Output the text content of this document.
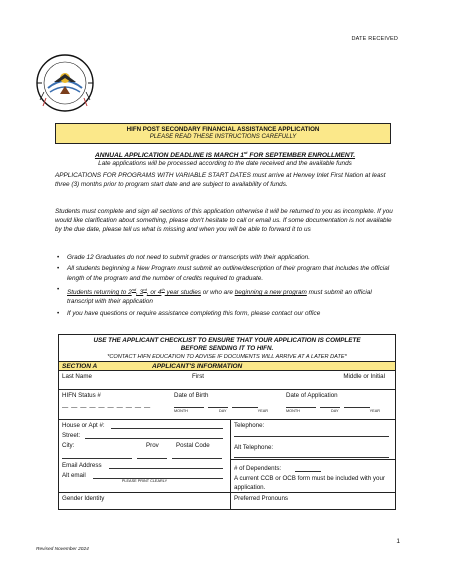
DATE RECEIVED
HIFN POST SECONDARY FINANCIAL ASSISTANCE APPLICATION
PLEASE READ THESE INSTRUCTIONS CAREFULLY
ANNUAL APPLICATION DEADLINE IS MARCH 1st FOR SEPTEMBER ENROLLMENT.
Late applications will be processed according to the date received and the available funds
APPLICATIONS FOR PROGRAMS WITH VARIABLE START DATES must arrive at Henvey Inlet First Nation at least three (3) months prior to program start date and are subject to availability of funds.
Students must complete and sign all sections of this application otherwise it will be returned to you as incomplete. If you would like clarification about something, please don't hesitate to call or email us. If some documentation is not available by the due date, please tell us what is missing and when you will be able to forward it to us
• Grade 12 Graduates do not need to submit grades or transcripts with their application.
• All students beginning a New Program must submit an outline/description of their program that includes the official length of the program and the number of credits required to graduate.
• Students returning to 2nd, 3rd, or 4th year studies or who are beginning a new program must submit an official transcript with their application
• If you have questions or require assistance completing this form, please contact our office
USE THE APPLICANT CHECKLIST TO ENSURE THAT YOUR APPLICATION IS COMPLETE
BEFORE SENDING IT TO HIFN.
*CONTACT HIFN EDUCATION TO ADVISE IF DOCUMENTS WILL ARRIVE AT A LATER DATE*
SECTION A	APPLICANT'S INFORMATION
Last Name	First	Middle or Initial
HIFN Status #
— — — — — — — — — —
Date of Birth
MONTH	DAY	YEAR
Date of Application
MONTH	DAY	YEAR
House or Apt #:
Street:
City:	Prov	Postal Code
Email Address
Alt email
PLEASE PRINT CLEARLY
Telephone:
Alt Telephone:
# of Dependents:
A current CCB or OCB form must be included with your application.
Gender Identity	Preferred Pronouns
1
Revised November 2024
